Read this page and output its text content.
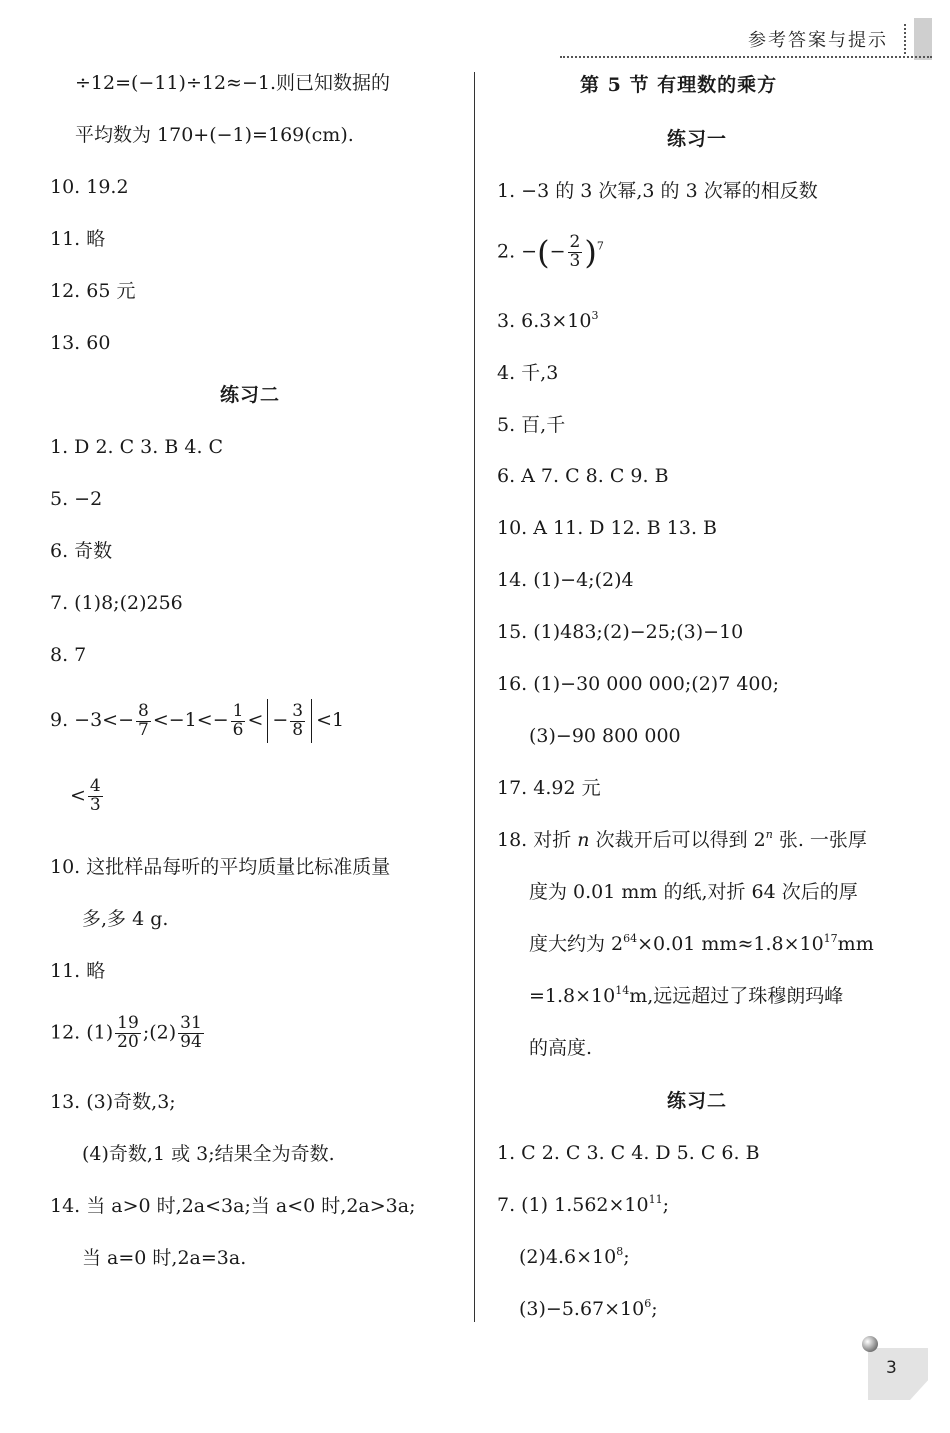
参考答案与提示
÷12=(−11)÷12≈−1.则已知数据的
平均数为 170+(−1)=169(cm).
10. 19.2
11. 略
12. 65 元
13. 60
练习二
1. D 2. C 3. B 4. C
5. −2
6. 奇数
7. (1)8;(2)256
8. 7
9. $-3<- \frac{8}{7} <-1<- \frac{1}{6}$ < − $\frac{3}{8} <1$
< $\frac{4}{3}$
10. 这批样品每听的平均质量比标准质量
多,多 4 g.
11. 略
12. $(1) \frac{19}{20}$ ;(2) $\frac{31}{94}$
13. (3)奇数,3;
(4)奇数,1 或 3;结果全为奇数.
14. 当 a>0 时,2a<3a;当 a<0 时,2a>3a;
当 a=0 时,2a=3a.
第 5 节 有理数的乘方
练习一
1. −3 的 3 次幂,3 的 3 次幂的相反数
2. −(− $\frac{2}{3} )^7$
3. $6.3\times 10^3$
4. 千,3
5. 百,千
6. A 7. C 8. C 9. B
10. A 11. D 12. B 13. B
14. (1)−4;(2)4
15. (1)483;(2)−25;(3)−10
16. (1)−30 000 000;(2)7 400;
(3)−90 800 000
17. 4.92 元
18. 对折 n 次裁开后可以得到 2$^n$ 张. 一张厚
度为 0.01 mm 的纸,对折 64 次后的厚
度大约为 $2^{64}\times 0.01$ $mm\approx 1.8\times 10^{17}mm$
$=1.8\times 10^{14}m$,远远超过了珠穆朗玛峰
的高度.
练习二
1. C 2. C 3. C 4. D 5. C 6. B
7. (1) $1.562\times 10^{11}$;
$(2)4.6\times 10^8$;
$(3)-5.67\times 10^6$;
3
